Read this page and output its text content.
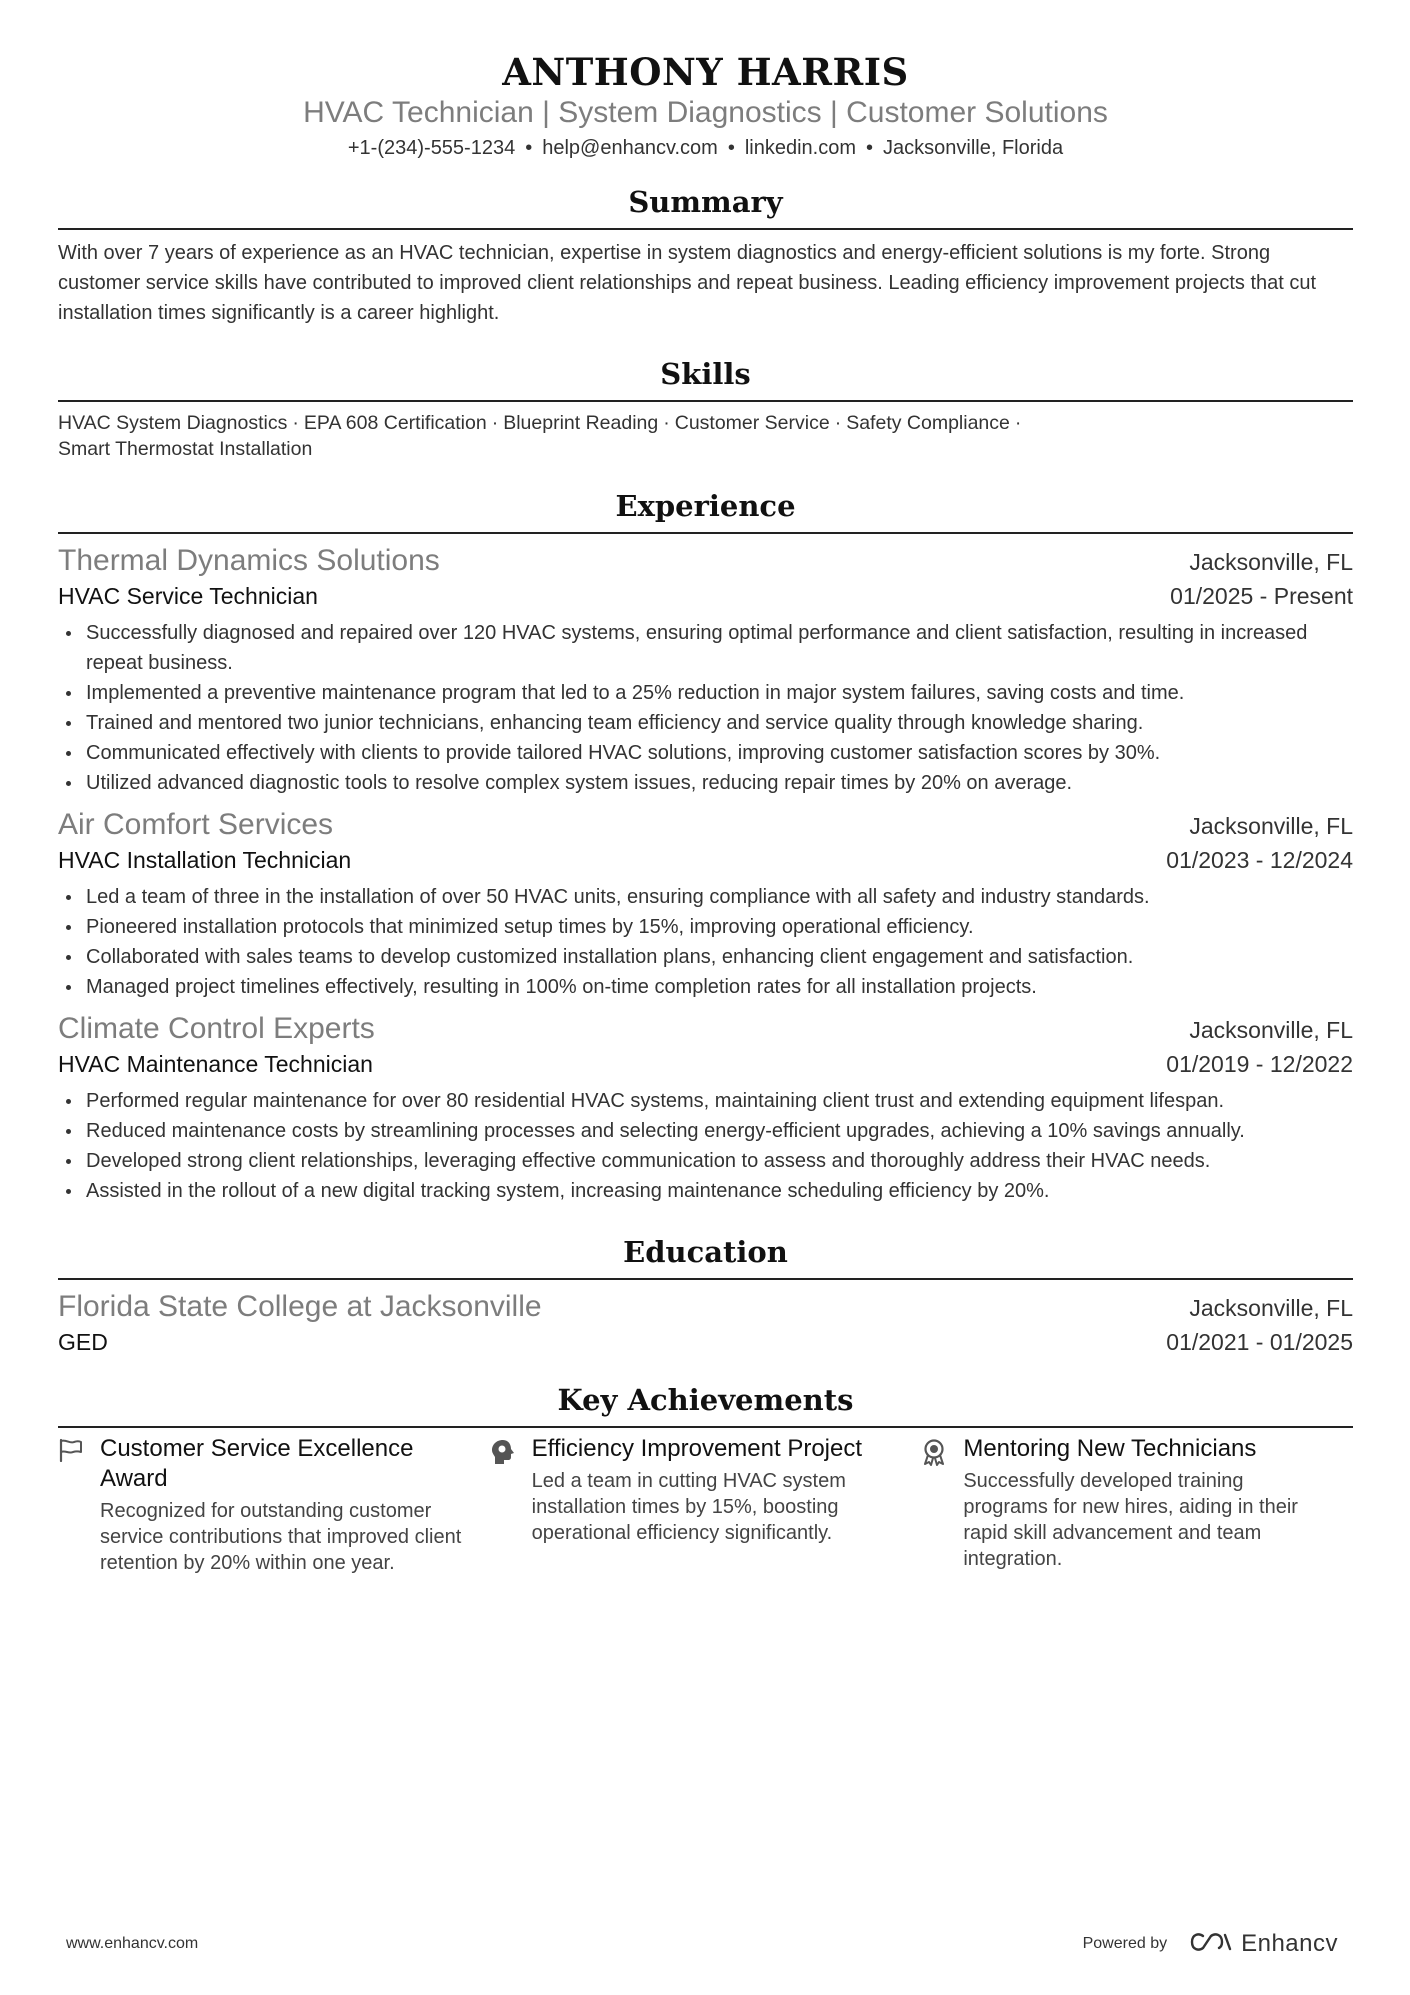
ANTHONY HARRIS
HVAC Technician | System Diagnostics | Customer Solutions
+1-(234)-555-1234 • help@enhancv.com • linkedin.com • Jacksonville, Florida
Summary
With over 7 years of experience as an HVAC technician, expertise in system diagnostics and energy-efficient solutions is my forte. Strong customer service skills have contributed to improved client relationships and repeat business. Leading efficiency improvement projects that cut installation times significantly is a career highlight.
Skills
HVAC System Diagnostics · EPA 608 Certification · Blueprint Reading · Customer Service · Safety Compliance ·
Smart Thermostat Installation
Experience
Thermal Dynamics Solutions	Jacksonville, FL
HVAC Service Technician	01/2025 - Present
Successfully diagnosed and repaired over 120 HVAC systems, ensuring optimal performance and client satisfaction, resulting in increased repeat business.
Implemented a preventive maintenance program that led to a 25% reduction in major system failures, saving costs and time.
Trained and mentored two junior technicians, enhancing team efficiency and service quality through knowledge sharing.
Communicated effectively with clients to provide tailored HVAC solutions, improving customer satisfaction scores by 30%.
Utilized advanced diagnostic tools to resolve complex system issues, reducing repair times by 20% on average.
Air Comfort Services	Jacksonville, FL
HVAC Installation Technician	01/2023 - 12/2024
Led a team of three in the installation of over 50 HVAC units, ensuring compliance with all safety and industry standards.
Pioneered installation protocols that minimized setup times by 15%, improving operational efficiency.
Collaborated with sales teams to develop customized installation plans, enhancing client engagement and satisfaction.
Managed project timelines effectively, resulting in 100% on-time completion rates for all installation projects.
Climate Control Experts	Jacksonville, FL
HVAC Maintenance Technician	01/2019 - 12/2022
Performed regular maintenance for over 80 residential HVAC systems, maintaining client trust and extending equipment lifespan.
Reduced maintenance costs by streamlining processes and selecting energy-efficient upgrades, achieving a 10% savings annually.
Developed strong client relationships, leveraging effective communication to assess and thoroughly address their HVAC needs.
Assisted in the rollout of a new digital tracking system, increasing maintenance scheduling efficiency by 20%.
Education
Florida State College at Jacksonville	Jacksonville, FL
GED	01/2021 - 01/2025
Key Achievements
Customer Service Excellence Award
Recognized for outstanding customer service contributions that improved client retention by 20% within one year.
Efficiency Improvement Project
Led a team in cutting HVAC system installation times by 15%, boosting operational efficiency significantly.
Mentoring New Technicians
Successfully developed training programs for new hires, aiding in their rapid skill advancement and team integration.
www.enhancv.com	Powered by	Enhancv
